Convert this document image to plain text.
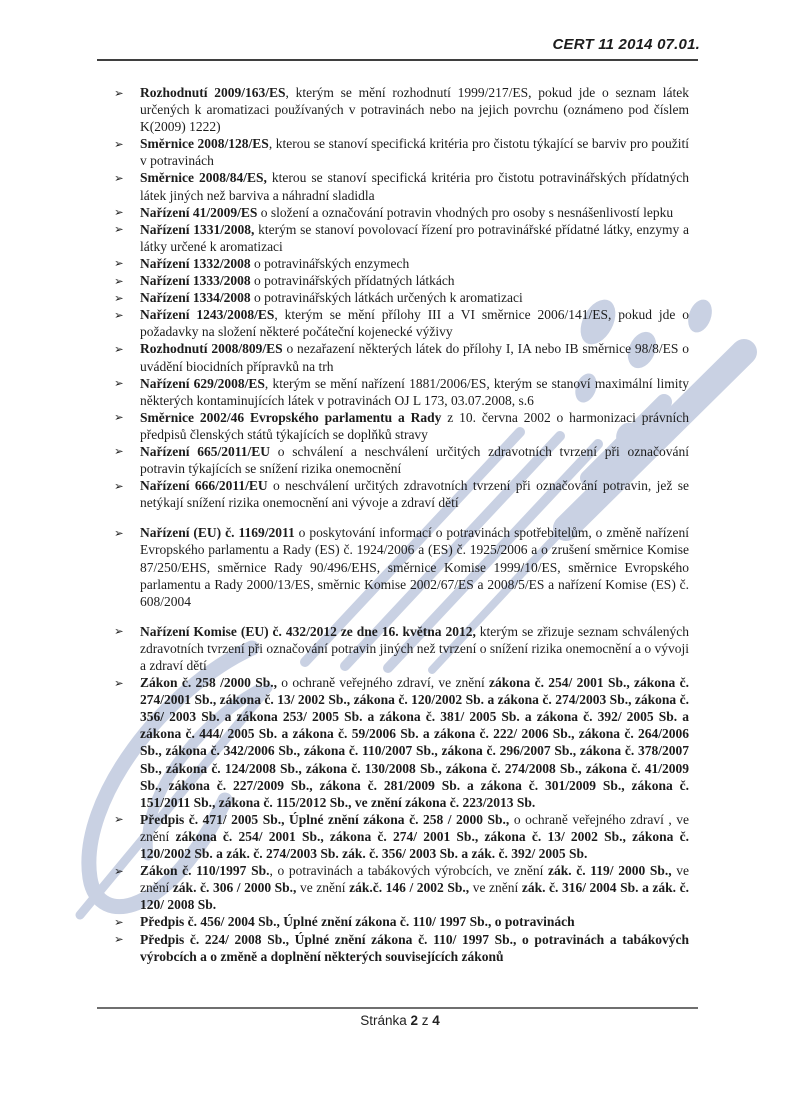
CERT 11 2014 07.01.
➢ Rozhodnutí 2009/163/ES, kterým se mění rozhodnutí 1999/217/ES, pokud jde o seznam látek určených k aromatizaci používaných v potravinách nebo na jejich povrchu (oznámeno pod číslem K(2009) 1222)
➢ Směrnice 2008/128/ES, kterou se stanoví specifická kritéria pro čistotu týkající se barviv pro použití v potravinách
➢ Směrnice 2008/84/ES, kterou se stanoví specifická kritéria pro čistotu potravinářských přídatných látek jiných než barviva a náhradní sladidla
➢ Nařízení 41/2009/ES o složení a označování potravin vhodných pro osoby s nesnášenlivostí lepku
➢ Nařízení 1331/2008, kterým se stanoví povolovací řízení pro potravinářské přídatné látky, enzymy a látky určené k aromatizaci
➢ Nařízení 1332/2008 o potravinářských enzymech
➢ Nařízení 1333/2008 o potravinářských přídatných látkách
➢ Nařízení 1334/2008 o potravinářských látkách určených k aromatizaci
➢ Nařízení 1243/2008/ES, kterým se mění přílohy III a VI směrnice 2006/141/ES, pokud jde o požadavky na složení některé počáteční kojenecké výživy
➢ Rozhodnutí 2008/809/ES o nezařazení některých látek do přílohy I, IA nebo IB směrnice 98/8/ES o uvádění biocidních přípravků na trh
➢ Nařízení 629/2008/ES, kterým se mění nařízení 1881/2006/ES, kterým se stanoví maximální limity některých kontaminujících látek v potravinách OJ L 173, 03.07.2008, s.6
➢ Směrnice 2002/46 Evropského parlamentu a Rady z 10. června 2002 o harmonizaci právních předpisů členských států týkajících se doplňků stravy
➢ Nařízení 665/2011/EU o schválení a neschválení určitých zdravotních tvrzení při označování potravin týkajících se snížení rizika onemocnění
➢ Nařízení 666/2011/EU o neschválení určitých zdravotních tvrzení při označování potravin, jež se netýkají snížení rizika onemocnění ani vývoje a zdraví dětí
➢ Nařízení (EU) č. 1169/2011 o poskytování informací o potravinách spotřebitelům, o změně nařízení Evropského parlamentu a Rady (ES) č. 1924/2006 a (ES) č. 1925/2006 a o zrušení směrnice Komise 87/250/EHS, směrnice Rady 90/496/EHS, směrnice Komise 1999/10/ES, směrnice Evropského parlamentu a Rady 2000/13/ES, směrnic Komise 2002/67/ES a 2008/5/ES a nařízení Komise (ES) č. 608/2004
➢ Nařízení Komise (EU) č. 432/2012 ze dne 16. května 2012, kterým se zřizuje seznam schválených zdravotních tvrzení při označování potravin jiných než tvrzení o snížení rizika onemocnění a o vývoji a zdraví dětí
➢ Zákon č. 258 /2000 Sb., o ochraně veřejného zdraví, ve znění zákona č. 254/ 2001 Sb., zákona č. 274/2001 Sb., zákona č. 13/ 2002 Sb., zákona č. 120/2002 Sb. a zákona č. 274/2003 Sb., zákona č. 356/ 2003 Sb. a zákona 253/ 2005 Sb. a zákona č. 381/ 2005 Sb. a zákona č. 392/ 2005 Sb. a zákona č. 444/ 2005 Sb. a zákona č. 59/2006 Sb. a zákona č. 222/ 2006 Sb., zákona č. 264/2006 Sb., zákona č. 342/2006 Sb., zákona č. 110/2007 Sb., zákona č. 296/2007 Sb., zákona č. 378/2007 Sb., zákona č. 124/2008 Sb., zákona č. 130/2008 Sb., zákona č. 274/2008 Sb., zákona č. 41/2009 Sb., zákona č. 227/2009 Sb., zákona č. 281/2009 Sb. a zákona č. 301/2009 Sb., zákona č. 151/2011 Sb., zákona č. 115/2012 Sb., ve znění zákona č. 223/2013 Sb.
➢ Předpis č. 471/ 2005 Sb., Úplné znění zákona č. 258 / 2000 Sb., o ochraně veřejného zdraví , ve znění zákona č. 254/ 2001 Sb., zákona č. 274/ 2001 Sb., zákona č. 13/ 2002 Sb., zákona č. 120/2002 Sb. a zák. č. 274/2003 Sb. zák. č. 356/ 2003 Sb. a zák. č. 392/ 2005 Sb.
➢ Zákon č. 110/1997 Sb., o potravinách a tabákových výrobcích, ve znění zák. č. 119/ 2000 Sb., ve znění zák. č. 306 / 2000 Sb., ve znění zák.č. 146 / 2002 Sb., ve znění zák. č. 316/ 2004 Sb. a zák. č. 120/ 2008 Sb.
➢ Předpis č. 456/ 2004 Sb., Úplné znění zákona č. 110/ 1997 Sb., o potravinách
➢ Předpis č. 224/ 2008 Sb., Úplné znění zákona č. 110/ 1997 Sb., o potravinách a tabákových výrobcích a o změně a doplnění některých souvisejících zákonů
Stránka 2 z 4
